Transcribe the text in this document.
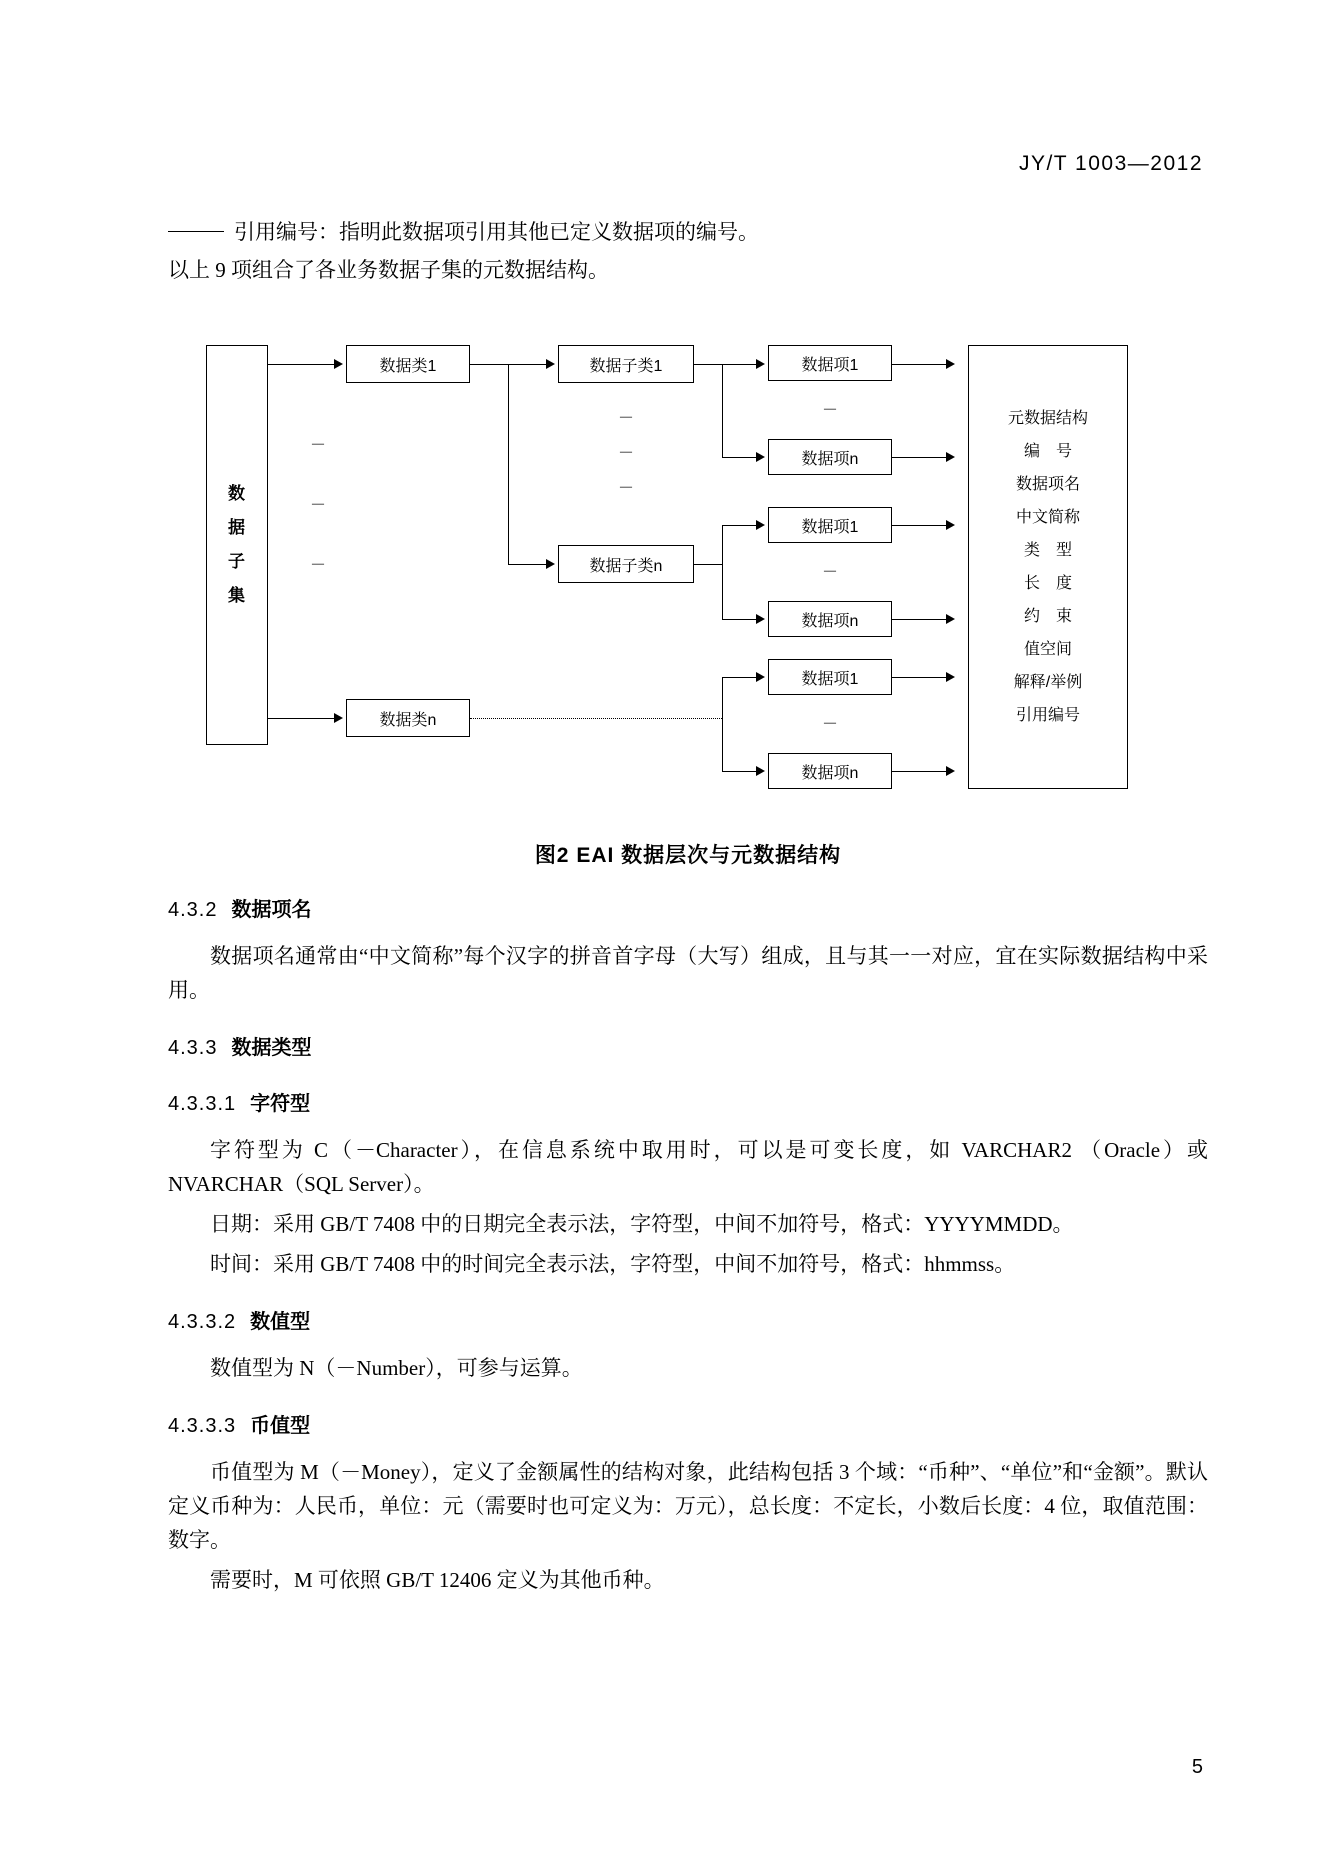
JY/T 1003—2012
引用编号：指明此数据项引用其他已定义数据项的编号。

以上 9 项组合了各业务数据子集的元数据结构。

数
据
子
集
－
－
－
数据类1
数据类n
数据子类1
数据子类n
－
－
－
数据项1
数据项n
－
数据项1
数据项n
－
数据项1
数据项n
－
元数据结构
编　号
数据项名
中文简称
类　型
长　度
约　束
值空间
解释/举例
引用编号
图2 EAI 数据层次与元数据结构
4.3.2 数据项名

数据项名通常由“中文简称”每个汉字的拼音首字母（大写）组成，且与其一一对应，宜在实际数据结构中采用。

4.3.3 数据类型
4.3.3.1 字符型

字符型为 C（－Character），在信息系统中取用时，可以是可变长度，如 VARCHAR2 （Oracle）或 NVARCHAR（SQL Server）。

日期：采用 GB/T 7408 中的日期完全表示法，字符型，中间不加符号，格式：YYYYMMDD。

时间：采用 GB/T 7408 中的时间完全表示法，字符型，中间不加符号，格式：hhmmss。

4.3.3.2 数值型

数值型为 N（－Number），可参与运算。

4.3.3.3 币值型

币值型为 M（－Money），定义了金额属性的结构对象，此结构包括 3 个域：“币种”、“单位”和“金额”。默认定义币种为：人民币，单位：元（需要时也可定义为：万元），总长度：不定长，小数后长度：4 位，取值范围：数字。

需要时，M 可依照 GB/T 12406 定义为其他币种。

5
